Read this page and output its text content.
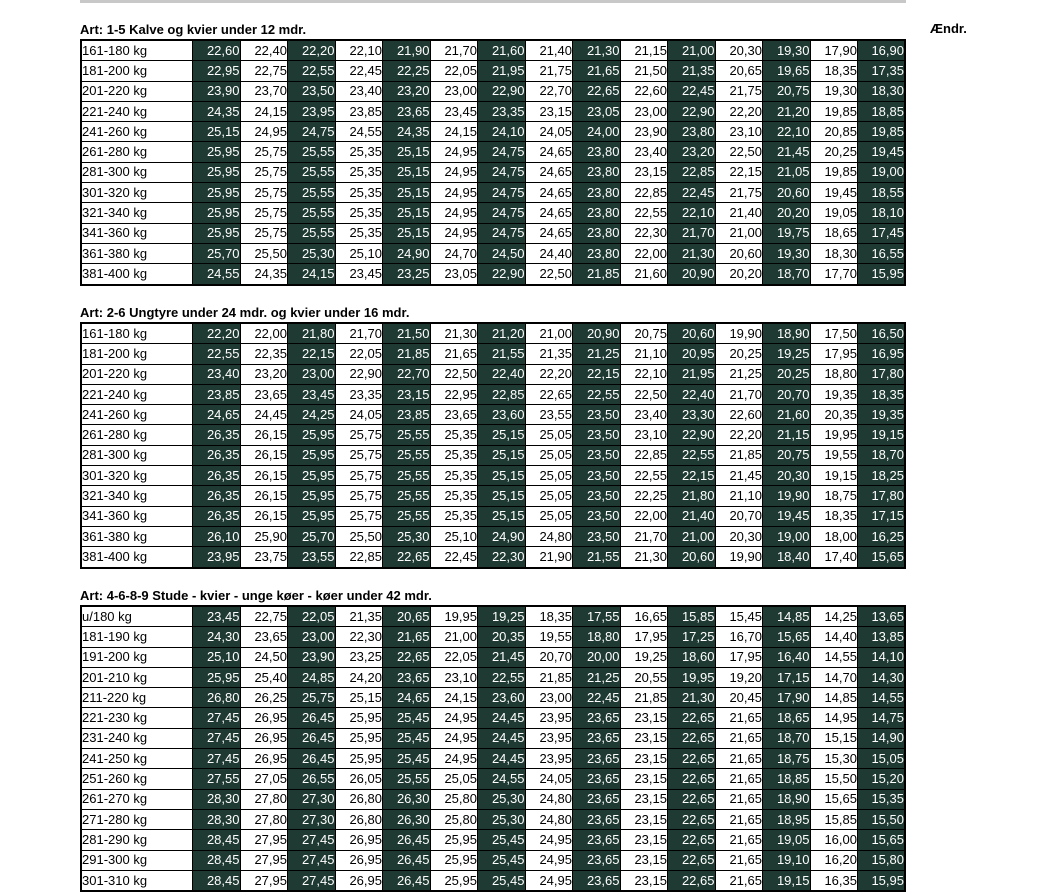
Ændr.
Art: 1-5 Kalve og kvier under 12 mdr.
161-180 kg	22,60	22,40	22,20	22,10	21,90	21,70	21,60	21,40	21,30	21,15	21,00	20,30	19,30	17,90	16,90
181-200 kg	22,95	22,75	22,55	22,45	22,25	22,05	21,95	21,75	21,65	21,50	21,35	20,65	19,65	18,35	17,35
201-220 kg	23,90	23,70	23,50	23,40	23,20	23,00	22,90	22,70	22,65	22,60	22,45	21,75	20,75	19,30	18,30
221-240 kg	24,35	24,15	23,95	23,85	23,65	23,45	23,35	23,15	23,05	23,00	22,90	22,20	21,20	19,85	18,85
241-260 kg	25,15	24,95	24,75	24,55	24,35	24,15	24,10	24,05	24,00	23,90	23,80	23,10	22,10	20,85	19,85
261-280 kg	25,95	25,75	25,55	25,35	25,15	24,95	24,75	24,65	23,80	23,40	23,20	22,50	21,45	20,25	19,45
281-300 kg	25,95	25,75	25,55	25,35	25,15	24,95	24,75	24,65	23,80	23,15	22,85	22,15	21,05	19,85	19,00
301-320 kg	25,95	25,75	25,55	25,35	25,15	24,95	24,75	24,65	23,80	22,85	22,45	21,75	20,60	19,45	18,55
321-340 kg	25,95	25,75	25,55	25,35	25,15	24,95	24,75	24,65	23,80	22,55	22,10	21,40	20,20	19,05	18,10
341-360 kg	25,95	25,75	25,55	25,35	25,15	24,95	24,75	24,65	23,80	22,30	21,70	21,00	19,75	18,65	17,45
361-380 kg	25,70	25,50	25,30	25,10	24,90	24,70	24,50	24,40	23,80	22,00	21,30	20,60	19,30	18,30	16,55
381-400 kg	24,55	24,35	24,15	23,45	23,25	23,05	22,90	22,50	21,85	21,60	20,90	20,20	18,70	17,70	15,95
Art: 2-6 Ungtyre under 24 mdr. og kvier under 16 mdr.
161-180 kg	22,20	22,00	21,80	21,70	21,50	21,30	21,20	21,00	20,90	20,75	20,60	19,90	18,90	17,50	16,50
181-200 kg	22,55	22,35	22,15	22,05	21,85	21,65	21,55	21,35	21,25	21,10	20,95	20,25	19,25	17,95	16,95
201-220 kg	23,40	23,20	23,00	22,90	22,70	22,50	22,40	22,20	22,15	22,10	21,95	21,25	20,25	18,80	17,80
221-240 kg	23,85	23,65	23,45	23,35	23,15	22,95	22,85	22,65	22,55	22,50	22,40	21,70	20,70	19,35	18,35
241-260 kg	24,65	24,45	24,25	24,05	23,85	23,65	23,60	23,55	23,50	23,40	23,30	22,60	21,60	20,35	19,35
261-280 kg	26,35	26,15	25,95	25,75	25,55	25,35	25,15	25,05	23,50	23,10	22,90	22,20	21,15	19,95	19,15
281-300 kg	26,35	26,15	25,95	25,75	25,55	25,35	25,15	25,05	23,50	22,85	22,55	21,85	20,75	19,55	18,70
301-320 kg	26,35	26,15	25,95	25,75	25,55	25,35	25,15	25,05	23,50	22,55	22,15	21,45	20,30	19,15	18,25
321-340 kg	26,35	26,15	25,95	25,75	25,55	25,35	25,15	25,05	23,50	22,25	21,80	21,10	19,90	18,75	17,80
341-360 kg	26,35	26,15	25,95	25,75	25,55	25,35	25,15	25,05	23,50	22,00	21,40	20,70	19,45	18,35	17,15
361-380 kg	26,10	25,90	25,70	25,50	25,30	25,10	24,90	24,80	23,50	21,70	21,00	20,30	19,00	18,00	16,25
381-400 kg	23,95	23,75	23,55	22,85	22,65	22,45	22,30	21,90	21,55	21,30	20,60	19,90	18,40	17,40	15,65
Art: 4-6-8-9 Stude - kvier - unge køer - køer under 42 mdr.
u/180 kg	23,45	22,75	22,05	21,35	20,65	19,95	19,25	18,35	17,55	16,65	15,85	15,45	14,85	14,25	13,65
181-190 kg	24,30	23,65	23,00	22,30	21,65	21,00	20,35	19,55	18,80	17,95	17,25	16,70	15,65	14,40	13,85
191-200 kg	25,10	24,50	23,90	23,25	22,65	22,05	21,45	20,70	20,00	19,25	18,60	17,95	16,40	14,55	14,10
201-210 kg	25,95	25,40	24,85	24,20	23,65	23,10	22,55	21,85	21,25	20,55	19,95	19,20	17,15	14,70	14,30
211-220 kg	26,80	26,25	25,75	25,15	24,65	24,15	23,60	23,00	22,45	21,85	21,30	20,45	17,90	14,85	14,55
221-230 kg	27,45	26,95	26,45	25,95	25,45	24,95	24,45	23,95	23,65	23,15	22,65	21,65	18,65	14,95	14,75
231-240 kg	27,45	26,95	26,45	25,95	25,45	24,95	24,45	23,95	23,65	23,15	22,65	21,65	18,70	15,15	14,90
241-250 kg	27,45	26,95	26,45	25,95	25,45	24,95	24,45	23,95	23,65	23,15	22,65	21,65	18,75	15,30	15,05
251-260 kg	27,55	27,05	26,55	26,05	25,55	25,05	24,55	24,05	23,65	23,15	22,65	21,65	18,85	15,50	15,20
261-270 kg	28,30	27,80	27,30	26,80	26,30	25,80	25,30	24,80	23,65	23,15	22,65	21,65	18,90	15,65	15,35
271-280 kg	28,30	27,80	27,30	26,80	26,30	25,80	25,30	24,80	23,65	23,15	22,65	21,65	18,95	15,85	15,50
281-290 kg	28,45	27,95	27,45	26,95	26,45	25,95	25,45	24,95	23,65	23,15	22,65	21,65	19,05	16,00	15,65
291-300 kg	28,45	27,95	27,45	26,95	26,45	25,95	25,45	24,95	23,65	23,15	22,65	21,65	19,10	16,20	15,80
301-310 kg	28,45	27,95	27,45	26,95	26,45	25,95	25,45	24,95	23,65	23,15	22,65	21,65	19,15	16,35	15,95
